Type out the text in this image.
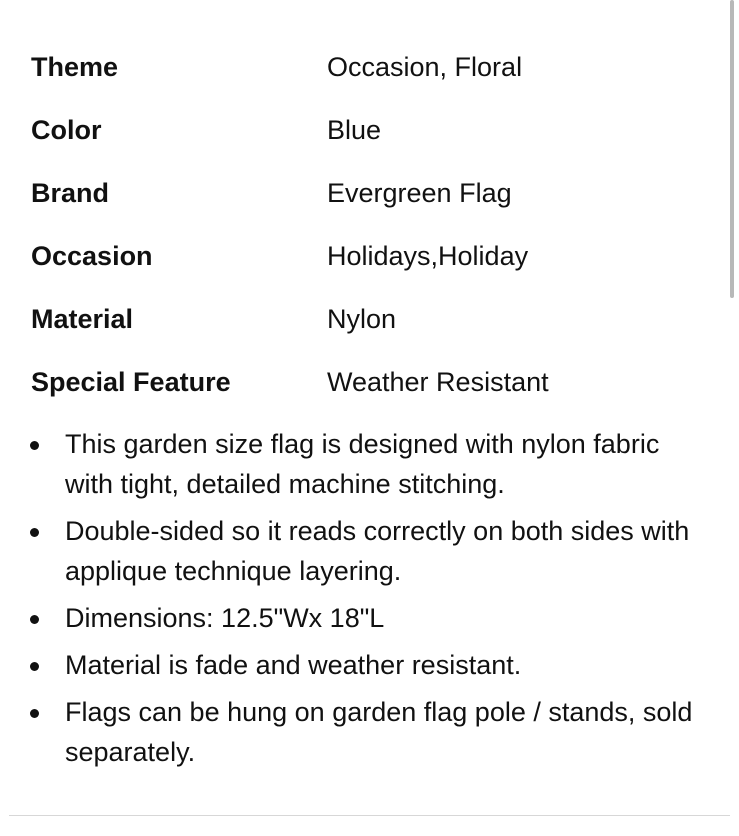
Theme	Occasion, Floral
Color	Blue
Brand	Evergreen Flag
Occasion	Holidays,Holiday
Material	Nylon
Special Feature	Weather Resistant
This garden size flag is designed with nylon fabric with tight, detailed machine stitching.
Double-sided so it reads correctly on both sides with applique technique layering.
Dimensions: 12.5"Wx 18"L
Material is fade and weather resistant.
Flags can be hung on garden flag pole / stands, sold separately.
